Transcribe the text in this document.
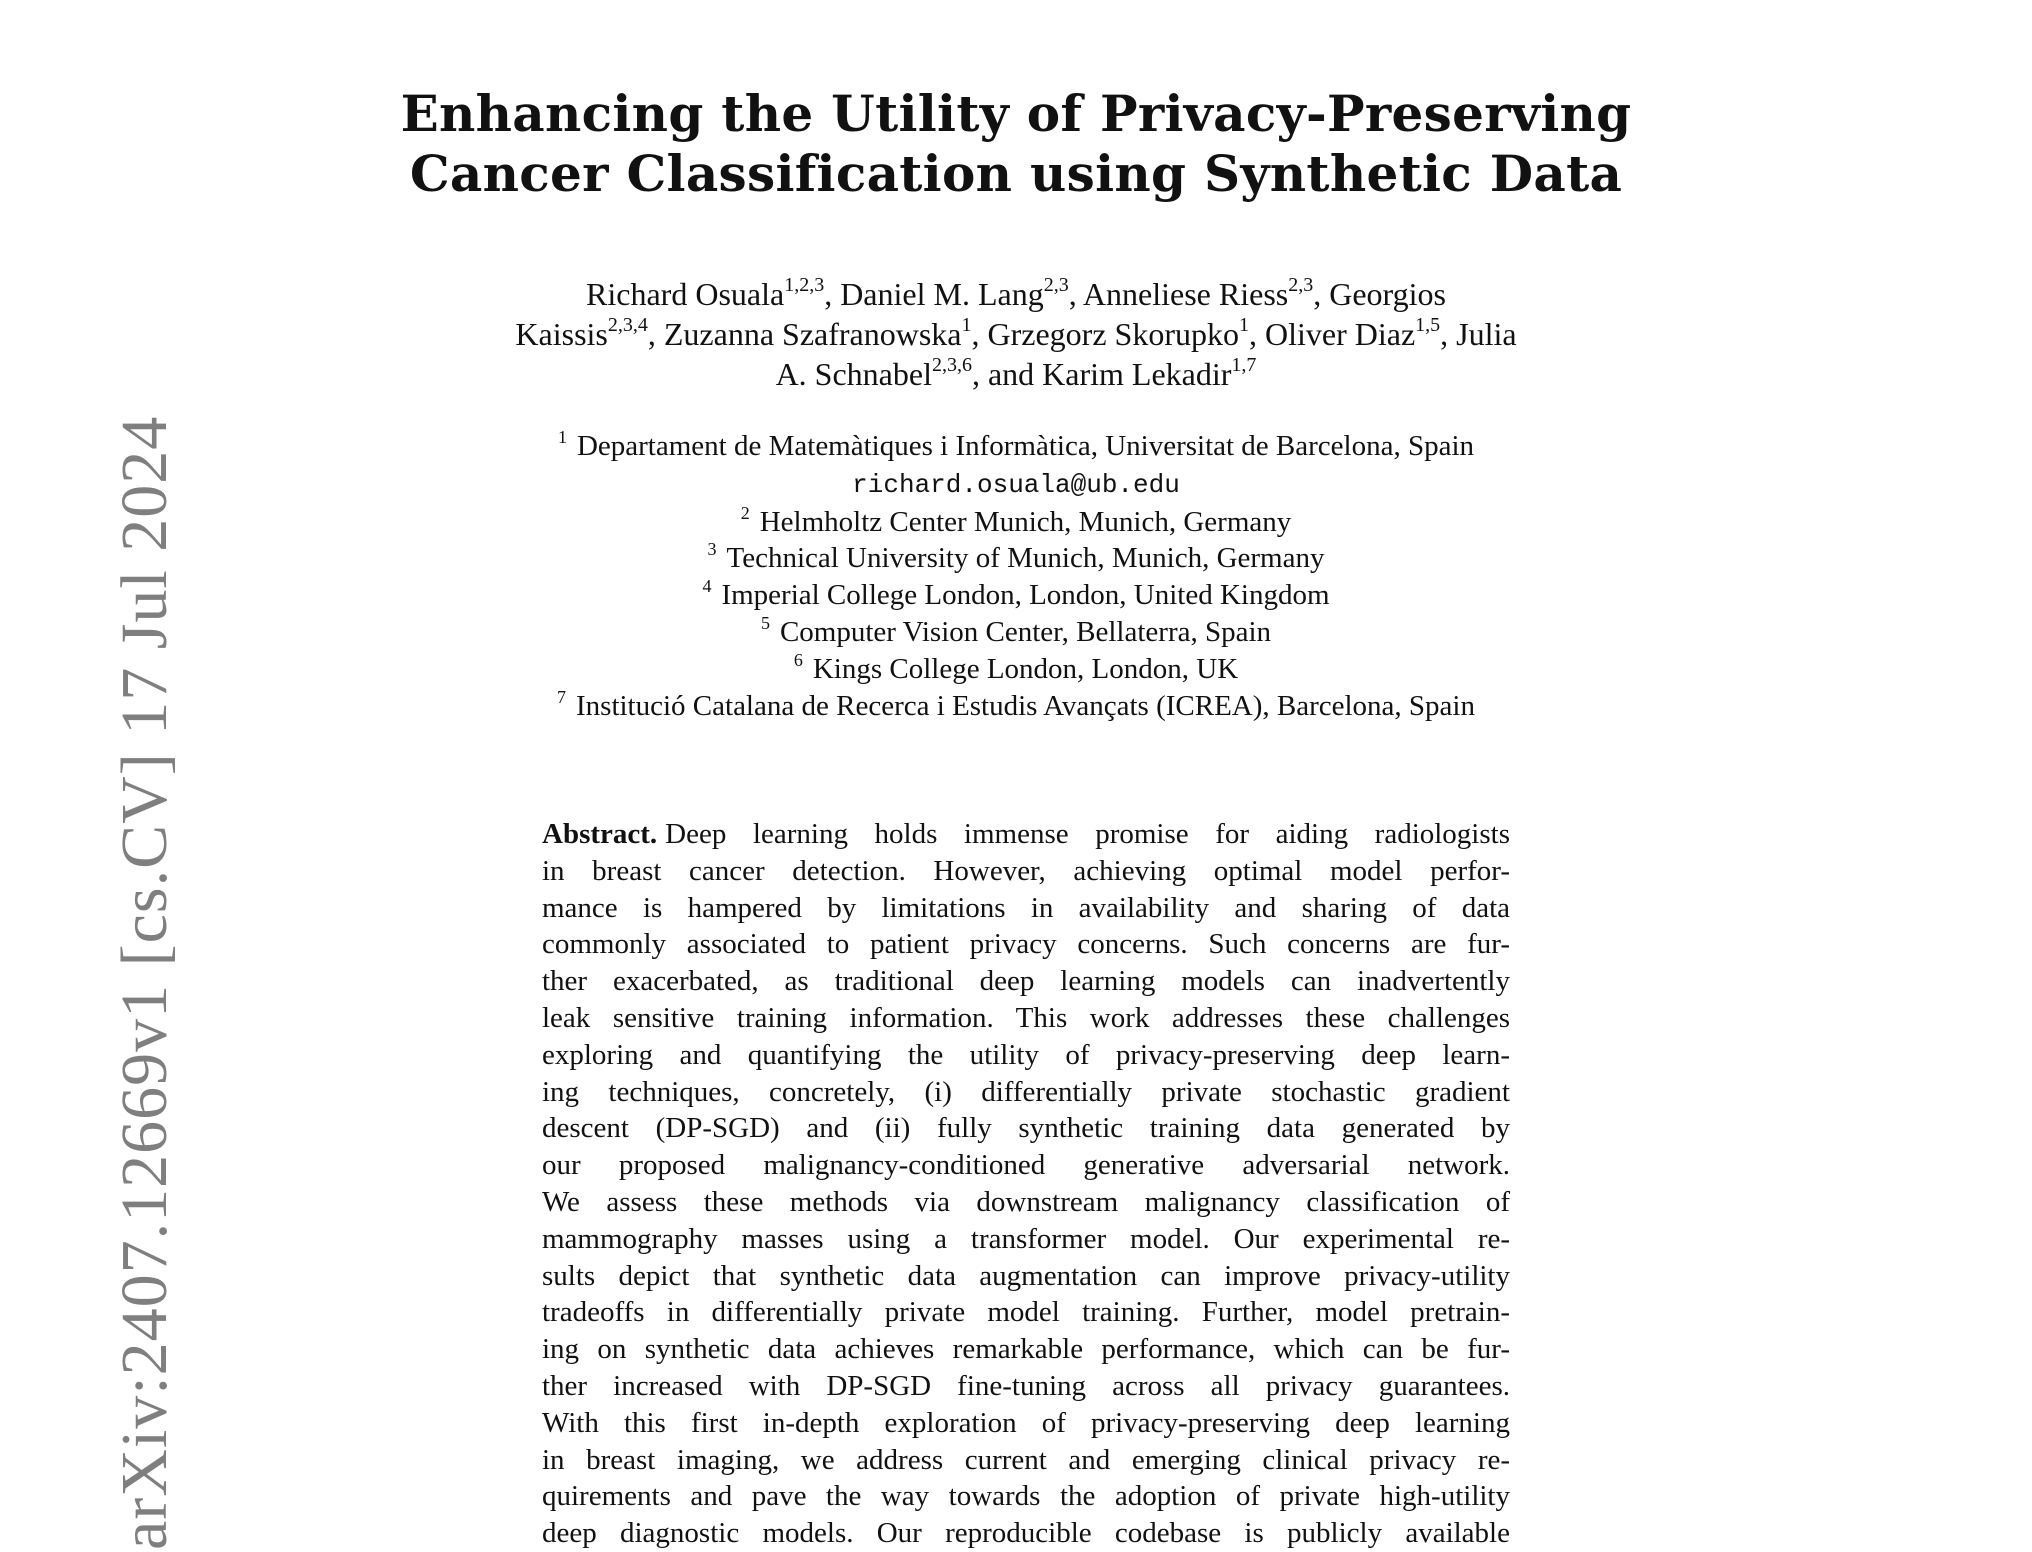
arXiv:2407.12669v1 [cs.CV] 17 Jul 2024
Enhancing the Utility of Privacy-Preserving
Cancer Classification using Synthetic Data
Richard Osuala$^{1,2,3}$, Daniel M. Lang$^{2,3}$, Anneliese Riess$^{2,3}$, Georgios
Kaissis$^{2,3,4}$, Zuzanna Szafranowska$^1$, Grzegorz Skorupko$^1$, Oliver Diaz$^{1,5}$, Julia
A. Schnabel$^{2,3,6}$, and Karim Lekadir$^{1,7}$
$^1$ Departament de Matemàtiques i Informàtica, Universitat de Barcelona, Spain
richard.osuala@ub.edu
$^2$ Helmholtz Center Munich, Munich, Germany
$^3$ Technical University of Munich, Munich, Germany
$^4$ Imperial College London, London, United Kingdom
$^5$ Computer Vision Center, Bellaterra, Spain
$^6$ Kings College London, London, UK
$^7$ Institució Catalana de Recerca i Estudis Avançats (ICREA), Barcelona, Spain
Abstract. Deep learning holds immense promise for aiding radiologists
in breast cancer detection. However, achieving optimal model perfor-
mance is hampered by limitations in availability and sharing of data
commonly associated to patient privacy concerns. Such concerns are fur-
ther exacerbated, as traditional deep learning models can inadvertently
leak sensitive training information. This work addresses these challenges
exploring and quantifying the utility of privacy-preserving deep learn-
ing techniques, concretely, (i) differentially private stochastic gradient
descent (DP-SGD) and (ii) fully synthetic training data generated by
our proposed malignancy-conditioned generative adversarial network.
We assess these methods via downstream malignancy classification of
mammography masses using a transformer model. Our experimental re-
sults depict that synthetic data augmentation can improve privacy-utility
tradeoffs in differentially private model training. Further, model pretrain-
ing on synthetic data achieves remarkable performance, which can be fur-
ther increased with DP-SGD fine-tuning across all privacy guarantees.
With this first in-depth exploration of privacy-preserving deep learning
in breast imaging, we address current and emerging clinical privacy re-
quirements and pave the way towards the adoption of private high-utility
deep diagnostic models. Our reproducible codebase is publicly available
